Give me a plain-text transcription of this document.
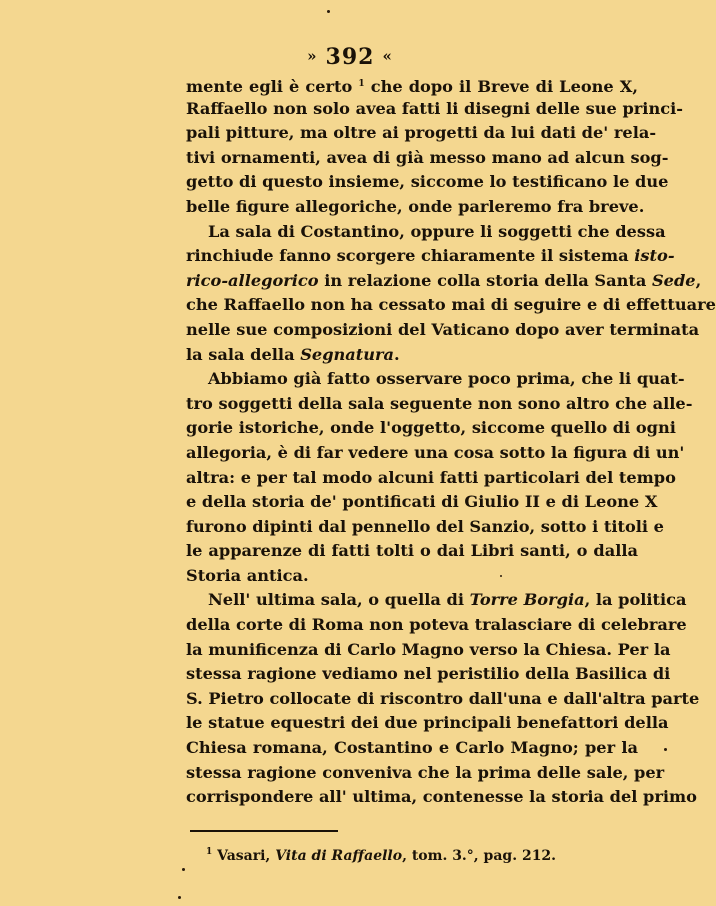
» 392 «
mente egli è certo $^1$ che dopo il Breve di Leone X,
Raffaello non solo avea fatti li disegni delle sue princi-
pali pitture, ma oltre ai progetti da lui dati de' rela-
tivi ornamenti, avea di già messo mano ad alcun sog-
getto di questo insieme, siccome lo testificano le due
belle figure allegoriche, onde parleremo fra breve.
La sala di Costantino, oppure li soggetti che dessa
rinchiude fanno scorgere chiaramente il sistema isto-
rico-allegorico in relazione colla storia della Santa Sede,
che Raffaello non ha cessato mai di seguire e di effettuare
nelle sue composizioni del Vaticano dopo aver terminata
la sala della Segnatura.
Abbiamo già fatto osservare poco prima, che li quat-
tro soggetti della sala seguente non sono altro che alle-
gorie istoriche, onde l'oggetto, siccome quello di ogni
allegoria, è di far vedere una cosa sotto la figura di un'
altra: e per tal modo alcuni fatti particolari del tempo
e della storia de' pontificati di Giulio II e di Leone X
furono dipinti dal pennello del Sanzio, sotto i titoli e
le apparenze di fatti tolti o dai Libri santi, o dalla
Storia antica.
Nell' ultima sala, o quella di Torre Borgia, la politica
della corte di Roma non poteva tralasciare di celebrare
la munificenza di Carlo Magno verso la Chiesa. Per la
stessa ragione vediamo nel peristilio della Basilica di
S. Pietro collocate di riscontro dall'una e dall'altra parte
le statue equestri dei due principali benefattori della
Chiesa romana, Costantino e Carlo Magno; per la
stessa ragione conveniva che la prima delle sale, per
corrispondere all' ultima, contenesse la storia del primo
$^1$ Vasari, Vita di Raffaello, tom. 3.°, pag. 212.
